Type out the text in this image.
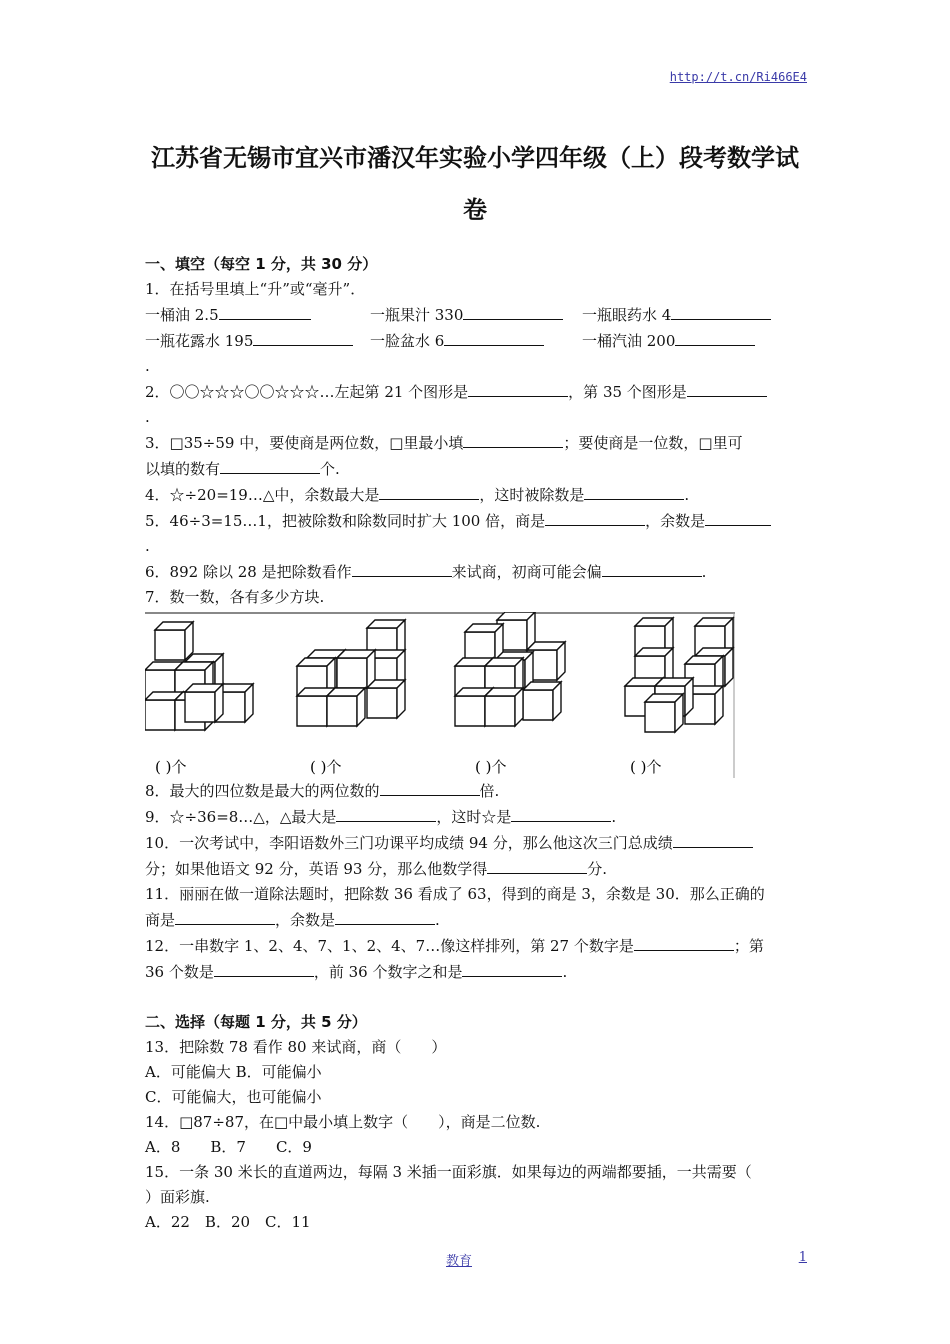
http://t.cn/Ri466E4
江苏省无锡市宜兴市潘汉年实验小学四年级（上）段考数学试
卷
一、填空（每空 1 分，共 30 分）
1．在括号里填上“升”或“毫升”．
一桶油 2.5	一瓶果汁 330	一瓶眼药水 4
一瓶花露水 195	一脸盆水 6	一桶汽油 200
.
2．〇〇☆☆☆〇〇☆☆☆…左起第 21 个图形是	，第 35 个图形是
.
3．□35÷59 中，要使商是两位数，□里最小填	；要使商是一位数，□里可
以填的数有	个.
4．☆÷20=19…△中，余数最大是	，这时被除数是	.
5．46÷3=15…1，把被除数和除数同时扩大 100 倍，商是	，余数是
.
6．892 除以 28 是把除数看作	来试商，初商可能会偏	.
7．数一数，各有多少方块.
( )个	( )个	( )个	( )个
8．最大的四位数是最大的两位数的	倍.
9．☆÷36=8…△，△最大是	，这时☆是	.
10．一次考试中，李阳语数外三门功课平均成绩 94 分，那么他这次三门总成绩
分；如果他语文 92 分，英语 93 分，那么他数学得	分.
11．丽丽在做一道除法题时，把除数 36 看成了 63，得到的商是 3，余数是 30．那么正确的
商是	，余数是	.
12．一串数字 1、2、4、7、1、2、4、7…像这样排列，第 27 个数字是	；第
36 个数是	，前 36 个数字之和是	.

二、选择（每题 1 分，共 5 分）
13．把除数 78 看作 80 来试商，商（　　）
A．可能偏大 B．可能偏小
C．可能偏大，也可能偏小
14．□87÷87，在□中最小填上数字（　　），商是二位数.
A．8　　B．7　　C．9
15．一条 30 米长的直道两边，每隔 3 米插一面彩旗．如果每边的两端都要插，一共需要（
）面彩旗.
A．22　B．20　C．11
教育	1
